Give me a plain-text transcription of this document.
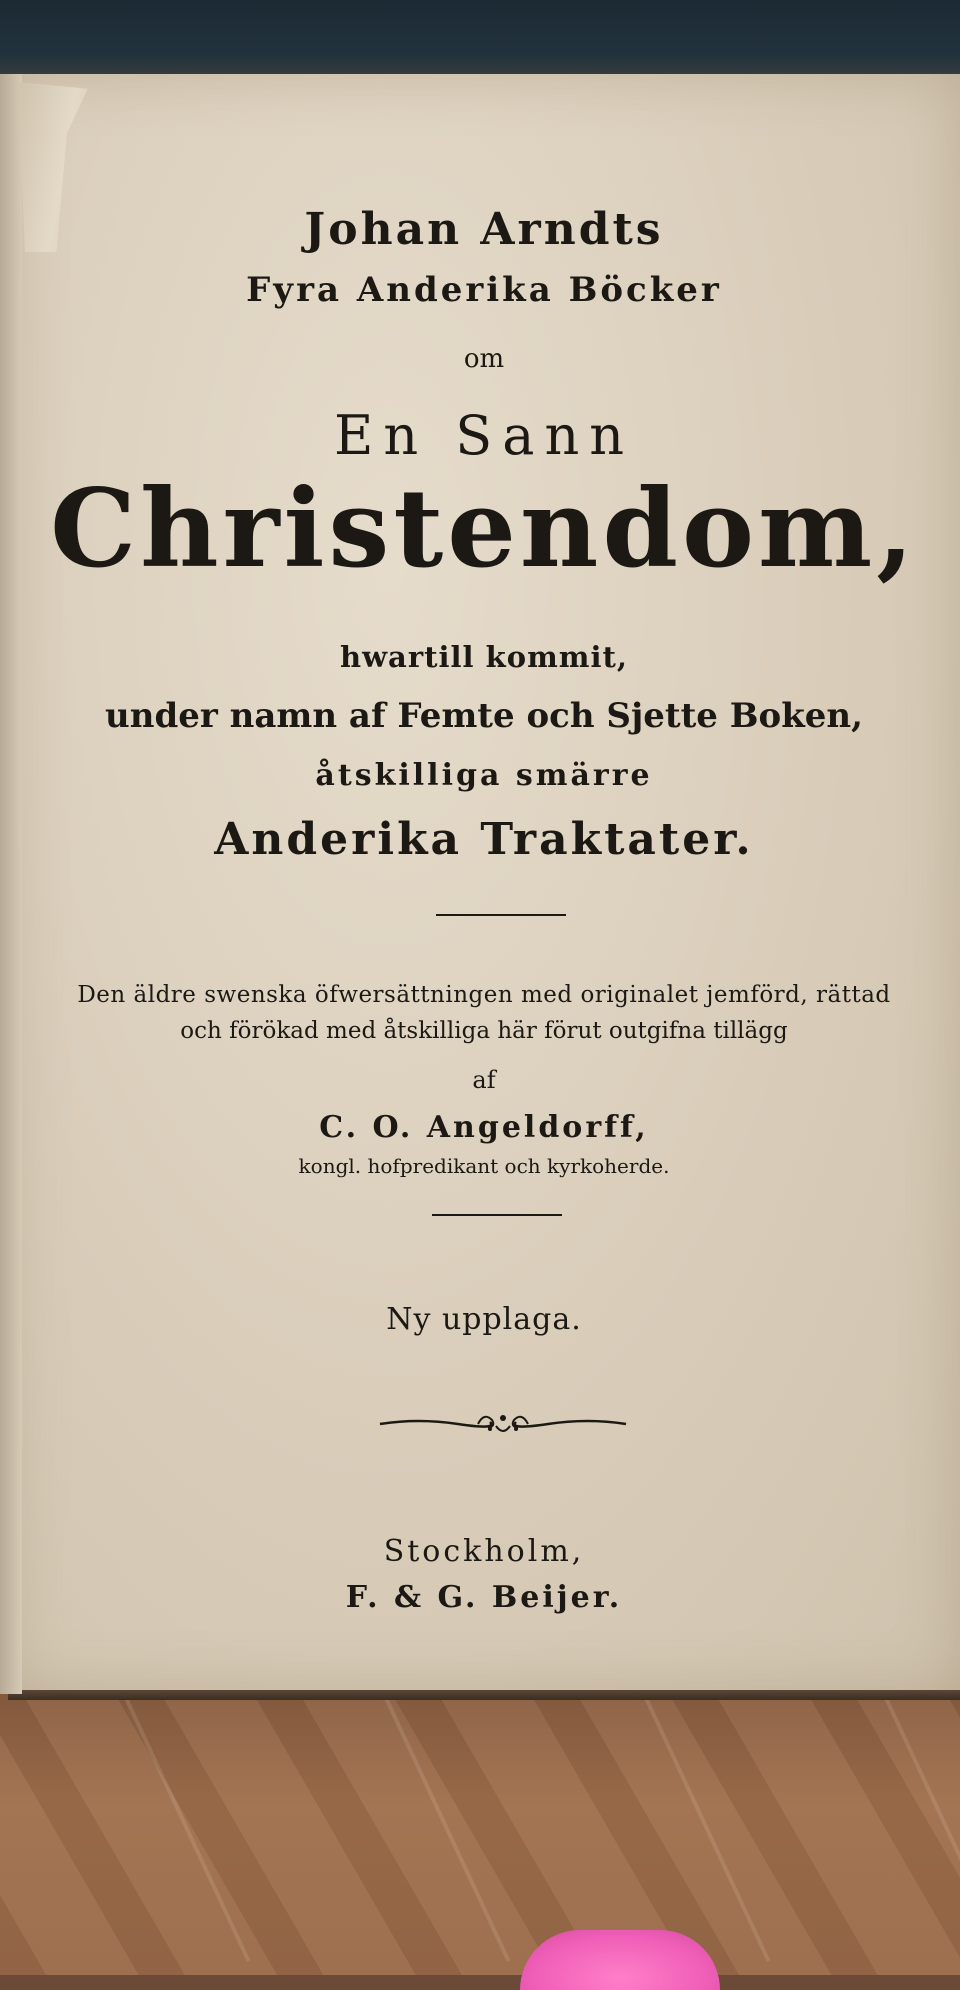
Johan Arndts
Fyra Anderika Böcker
om
En Sann
Christendom,
hwartill kommit,
under namn af Femte och Sjette Boken,
åtskilliga smärre
Anderika Traktater.
Den äldre swenska öfwersättningen med originalet jemförd, rättad
och förökad med åtskilliga här förut outgifna tillägg
af
C. O. Angeldorff,
kongl. hofpredikant och kyrkoherde.
Ny upplaga.
Stockholm,
F. & G. Beijer.
